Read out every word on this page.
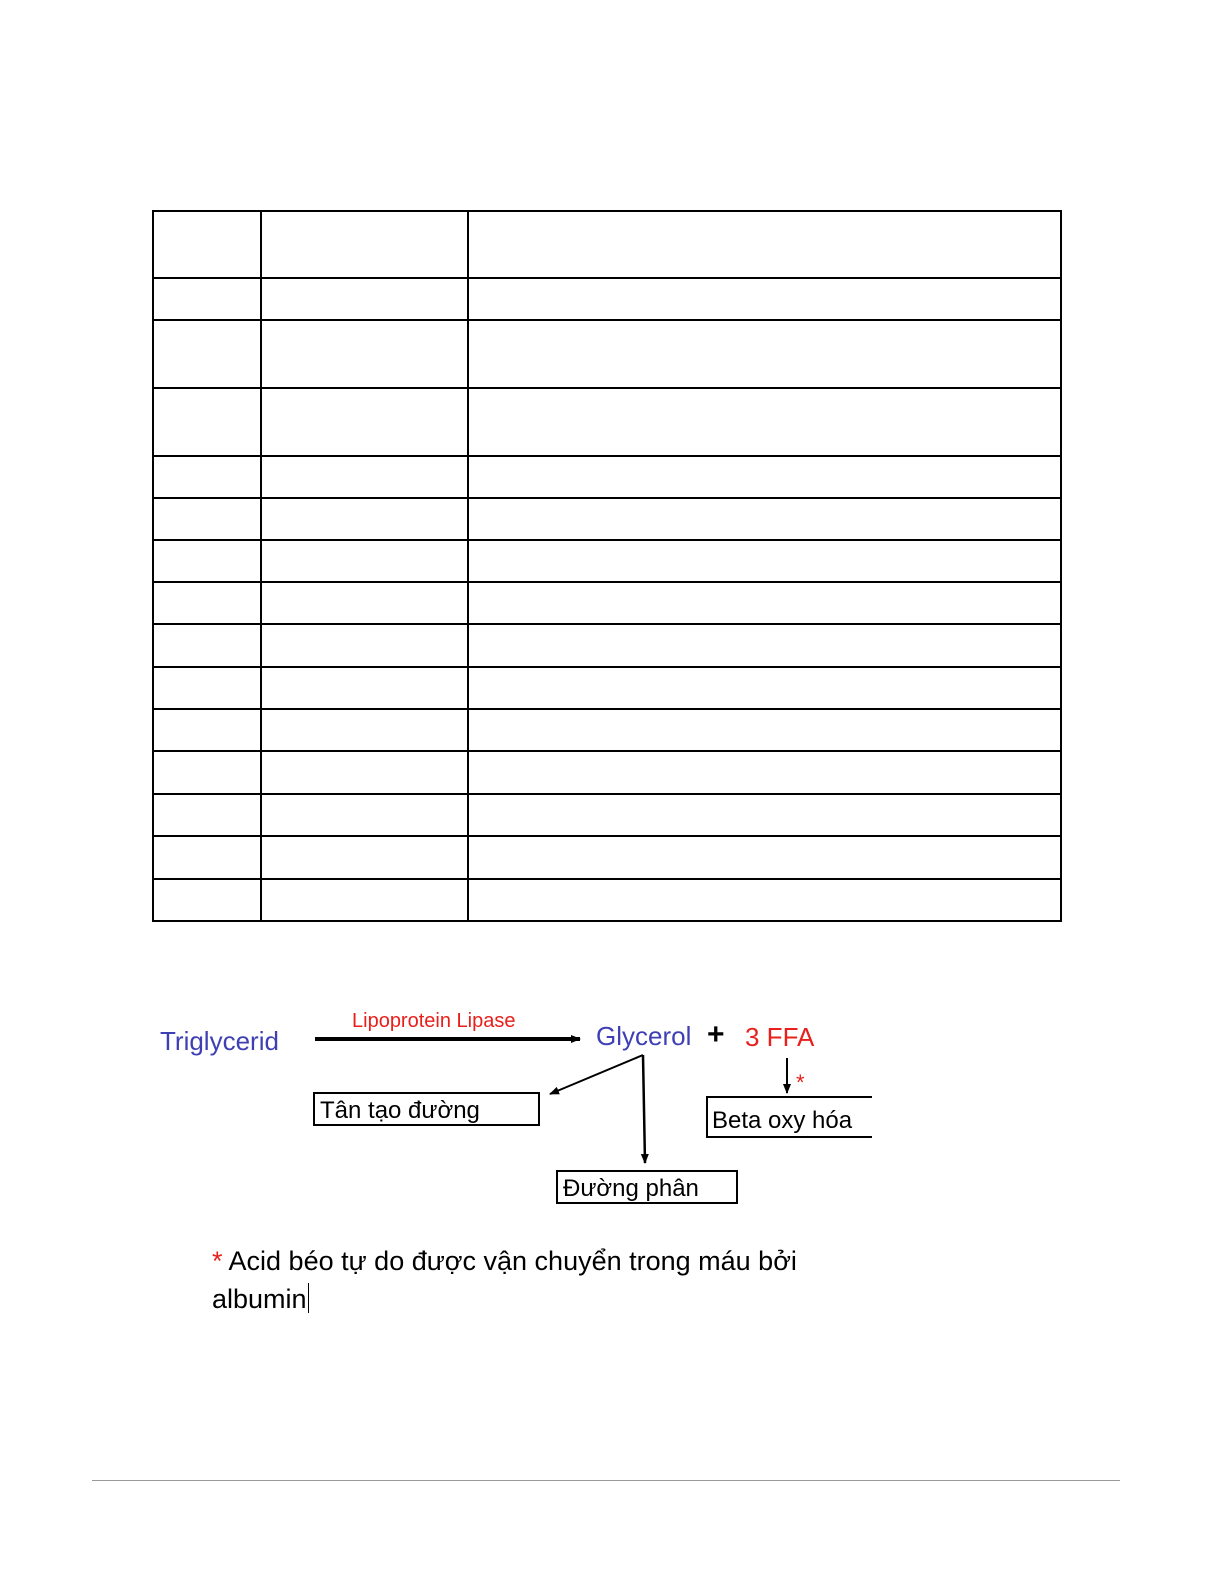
Triglycerid
Lipoprotein Lipase	Glycerol + 3 FFA
*
Tân tạo đường	Beta oxy hóa
Đường phân
* Acid béo tự do được vận chuyển trong máu bởi albumin
